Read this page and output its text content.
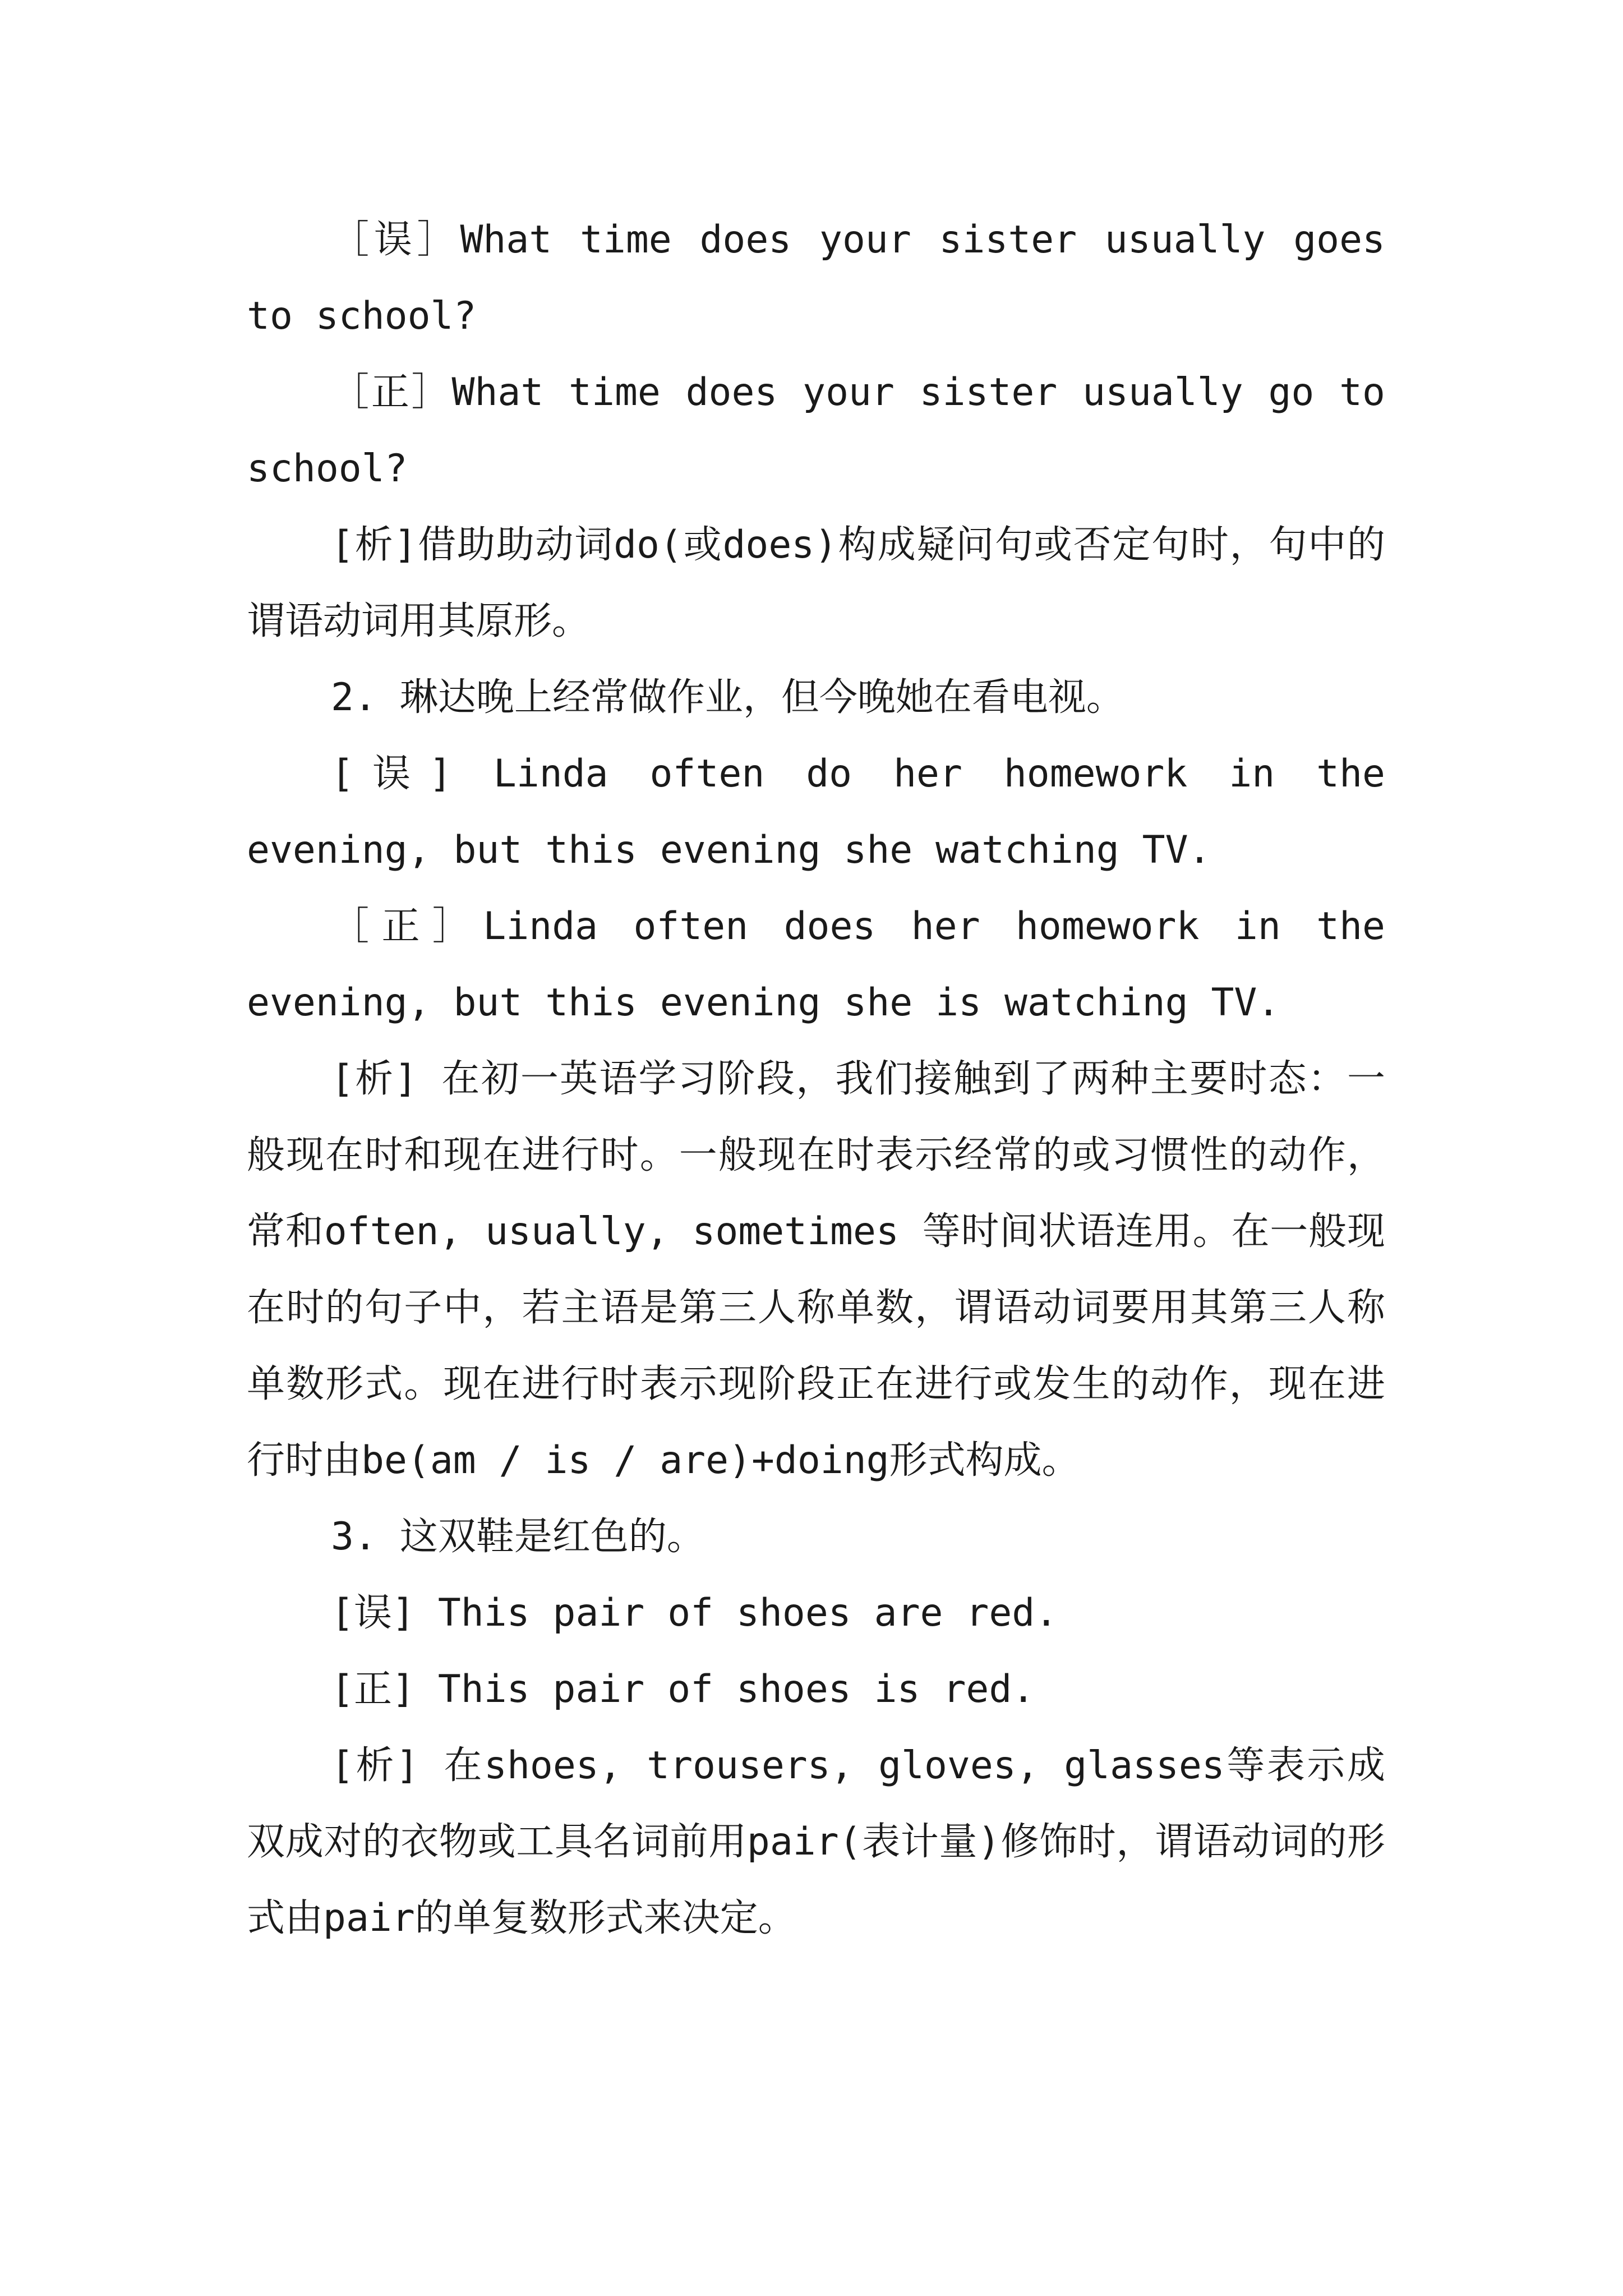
［误］What time does your sister usually goes to school?

［正］What time does your sister usually go to school?

[析]借助助动词do(或does)构成疑问句或否定句时，句中的谓语动词用其原形。

2. 琳达晚上经常做作业，但今晚她在看电视。

[误] Linda often do her homework in the evening, but this evening she watching TV.

［正］Linda often does her homework in the evening, but this evening she is watching TV.

[析] 在初一英语学习阶段，我们接触到了两种主要时态：一般现在时和现在进行时。一般现在时表示经常的或习惯性的动作，常和often, usually, sometimes 等时间状语连用。在一般现在时的句子中，若主语是第三人称单数，谓语动词要用其第三人称单数形式。现在进行时表示现阶段正在进行或发生的动作，现在进行时由be(am / is / are)+doing形式构成。

3. 这双鞋是红色的。

[误] This pair of shoes are red.

[正] This pair of shoes is red.

[析] 在shoes, trousers, gloves, glasses等表示成双成对的衣物或工具名词前用pair(表计量)修饰时，谓语动词的形式由pair的单复数形式来决定。
